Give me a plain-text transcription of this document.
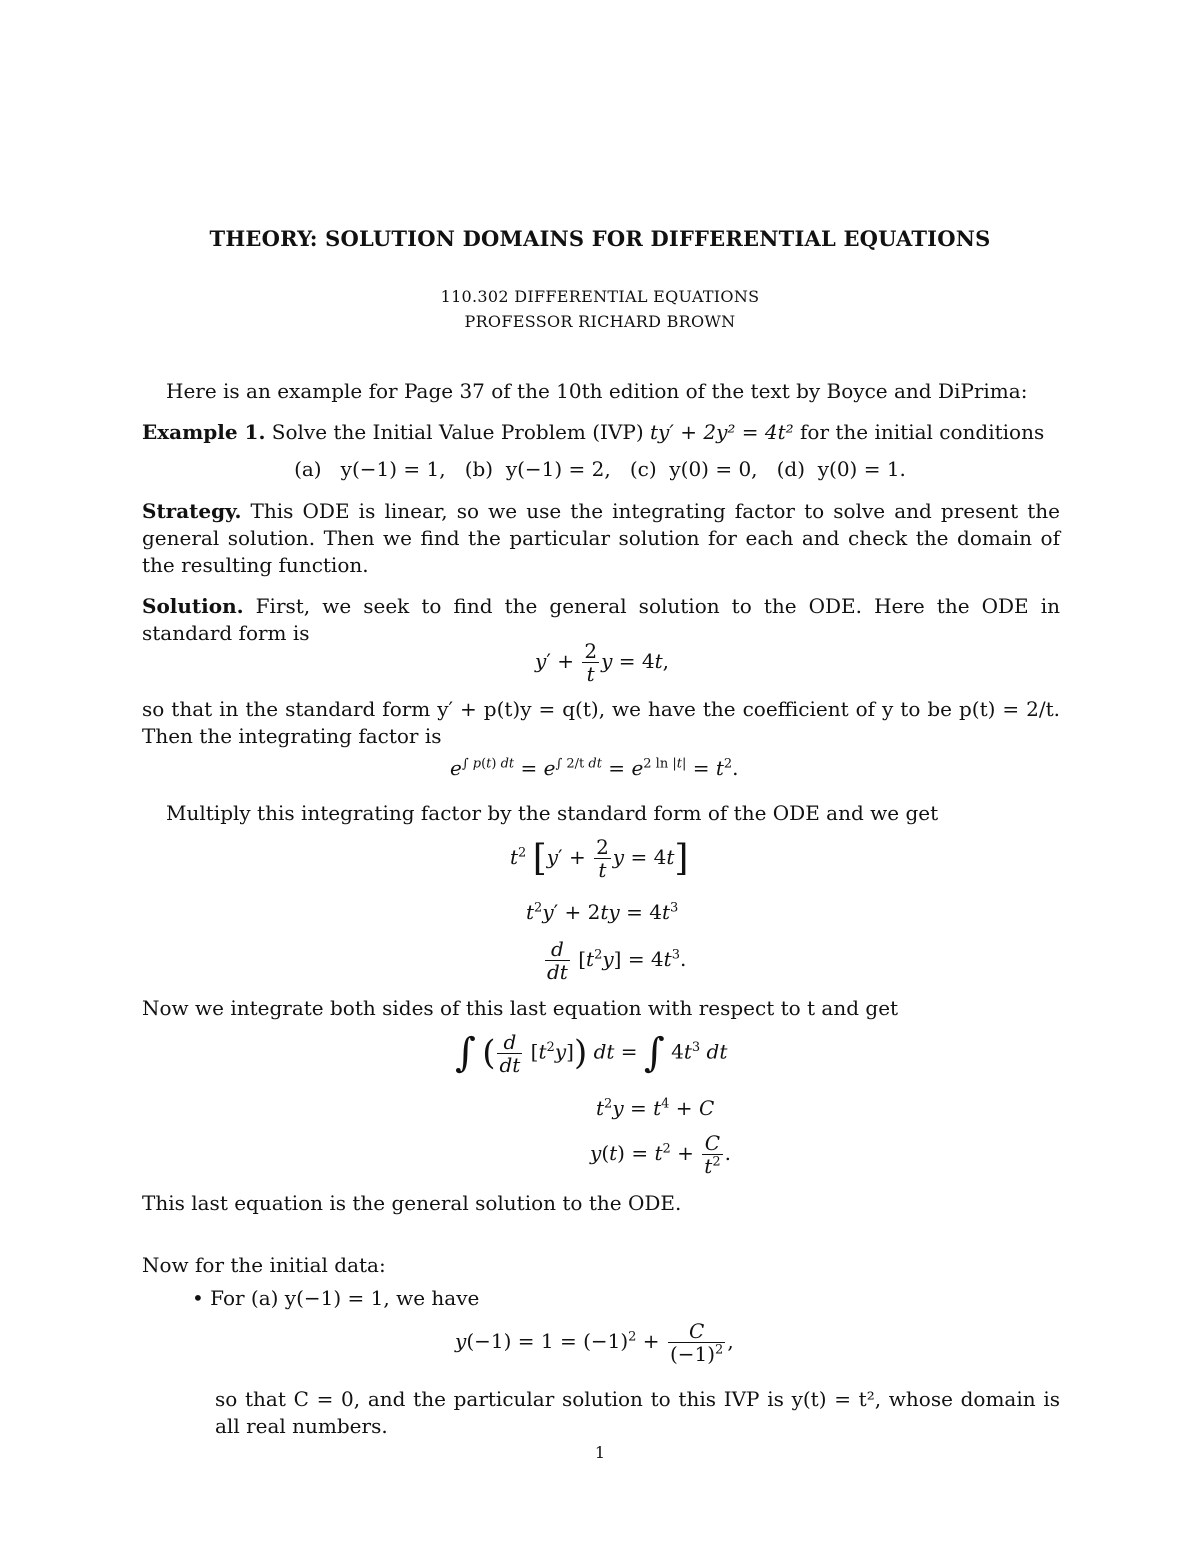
THEORY: SOLUTION DOMAINS FOR DIFFERENTIAL EQUATIONS
110.302 DIFFERENTIAL EQUATIONS
PROFESSOR RICHARD BROWN
Here is an example for Page 37 of the 10th edition of the text by Boyce and DiPrima:
Example 1. Solve the Initial Value Problem (IVP) ty′ + 2y² = 4t² for the initial conditions
(a)   y(−1) = 1,   (b)  y(−1) = 2,   (c)  y(0) = 0,   (d)  y(0) = 1.
Strategy. This ODE is linear, so we use the integrating factor to solve and present the general solution. Then we find the particular solution for each and check the domain of the resulting function.
Solution. First, we seek to find the general solution to the ODE. Here the ODE in standard form is
$y' + \frac{2}{t}$ y = 4t,
so that in the standard form y′ + p(t)y = q(t), we have the coefficient of y to be p(t) = 2/t. Then the integrating factor is
$e^{\int p(t) dt} = e^{\int 2/t dt} = e^{2 ln |t|} = t^2$.
Multiply this integrating factor by the standard form of the ODE and we get
$t^2$ [$y' + \frac{2}{t}$ y = 4t]
$t^2y' + 2ty = 4t^3$
$\frac{d}{dt} [t^2y] = 4t^3$.
Now we integrate both sides of this last equation with respect to t and get
∫ ( $\frac{d}{dt} [t^2y]$) dt = ∫ $4t^3$ dt
$t^2y = t^4 + C$
$y(t) = t^2 + \frac{C}{t^2}$ .
This last equation is the general solution to the ODE.
Now for the initial data:
• For (a) y(−1) = 1, we have
$y(-1) = 1 = (-1)^2 + \frac{C}{(-1)^2}$ ,
so that C = 0, and the particular solution to this IVP is y(t) = t², whose domain is all real numbers.
1
